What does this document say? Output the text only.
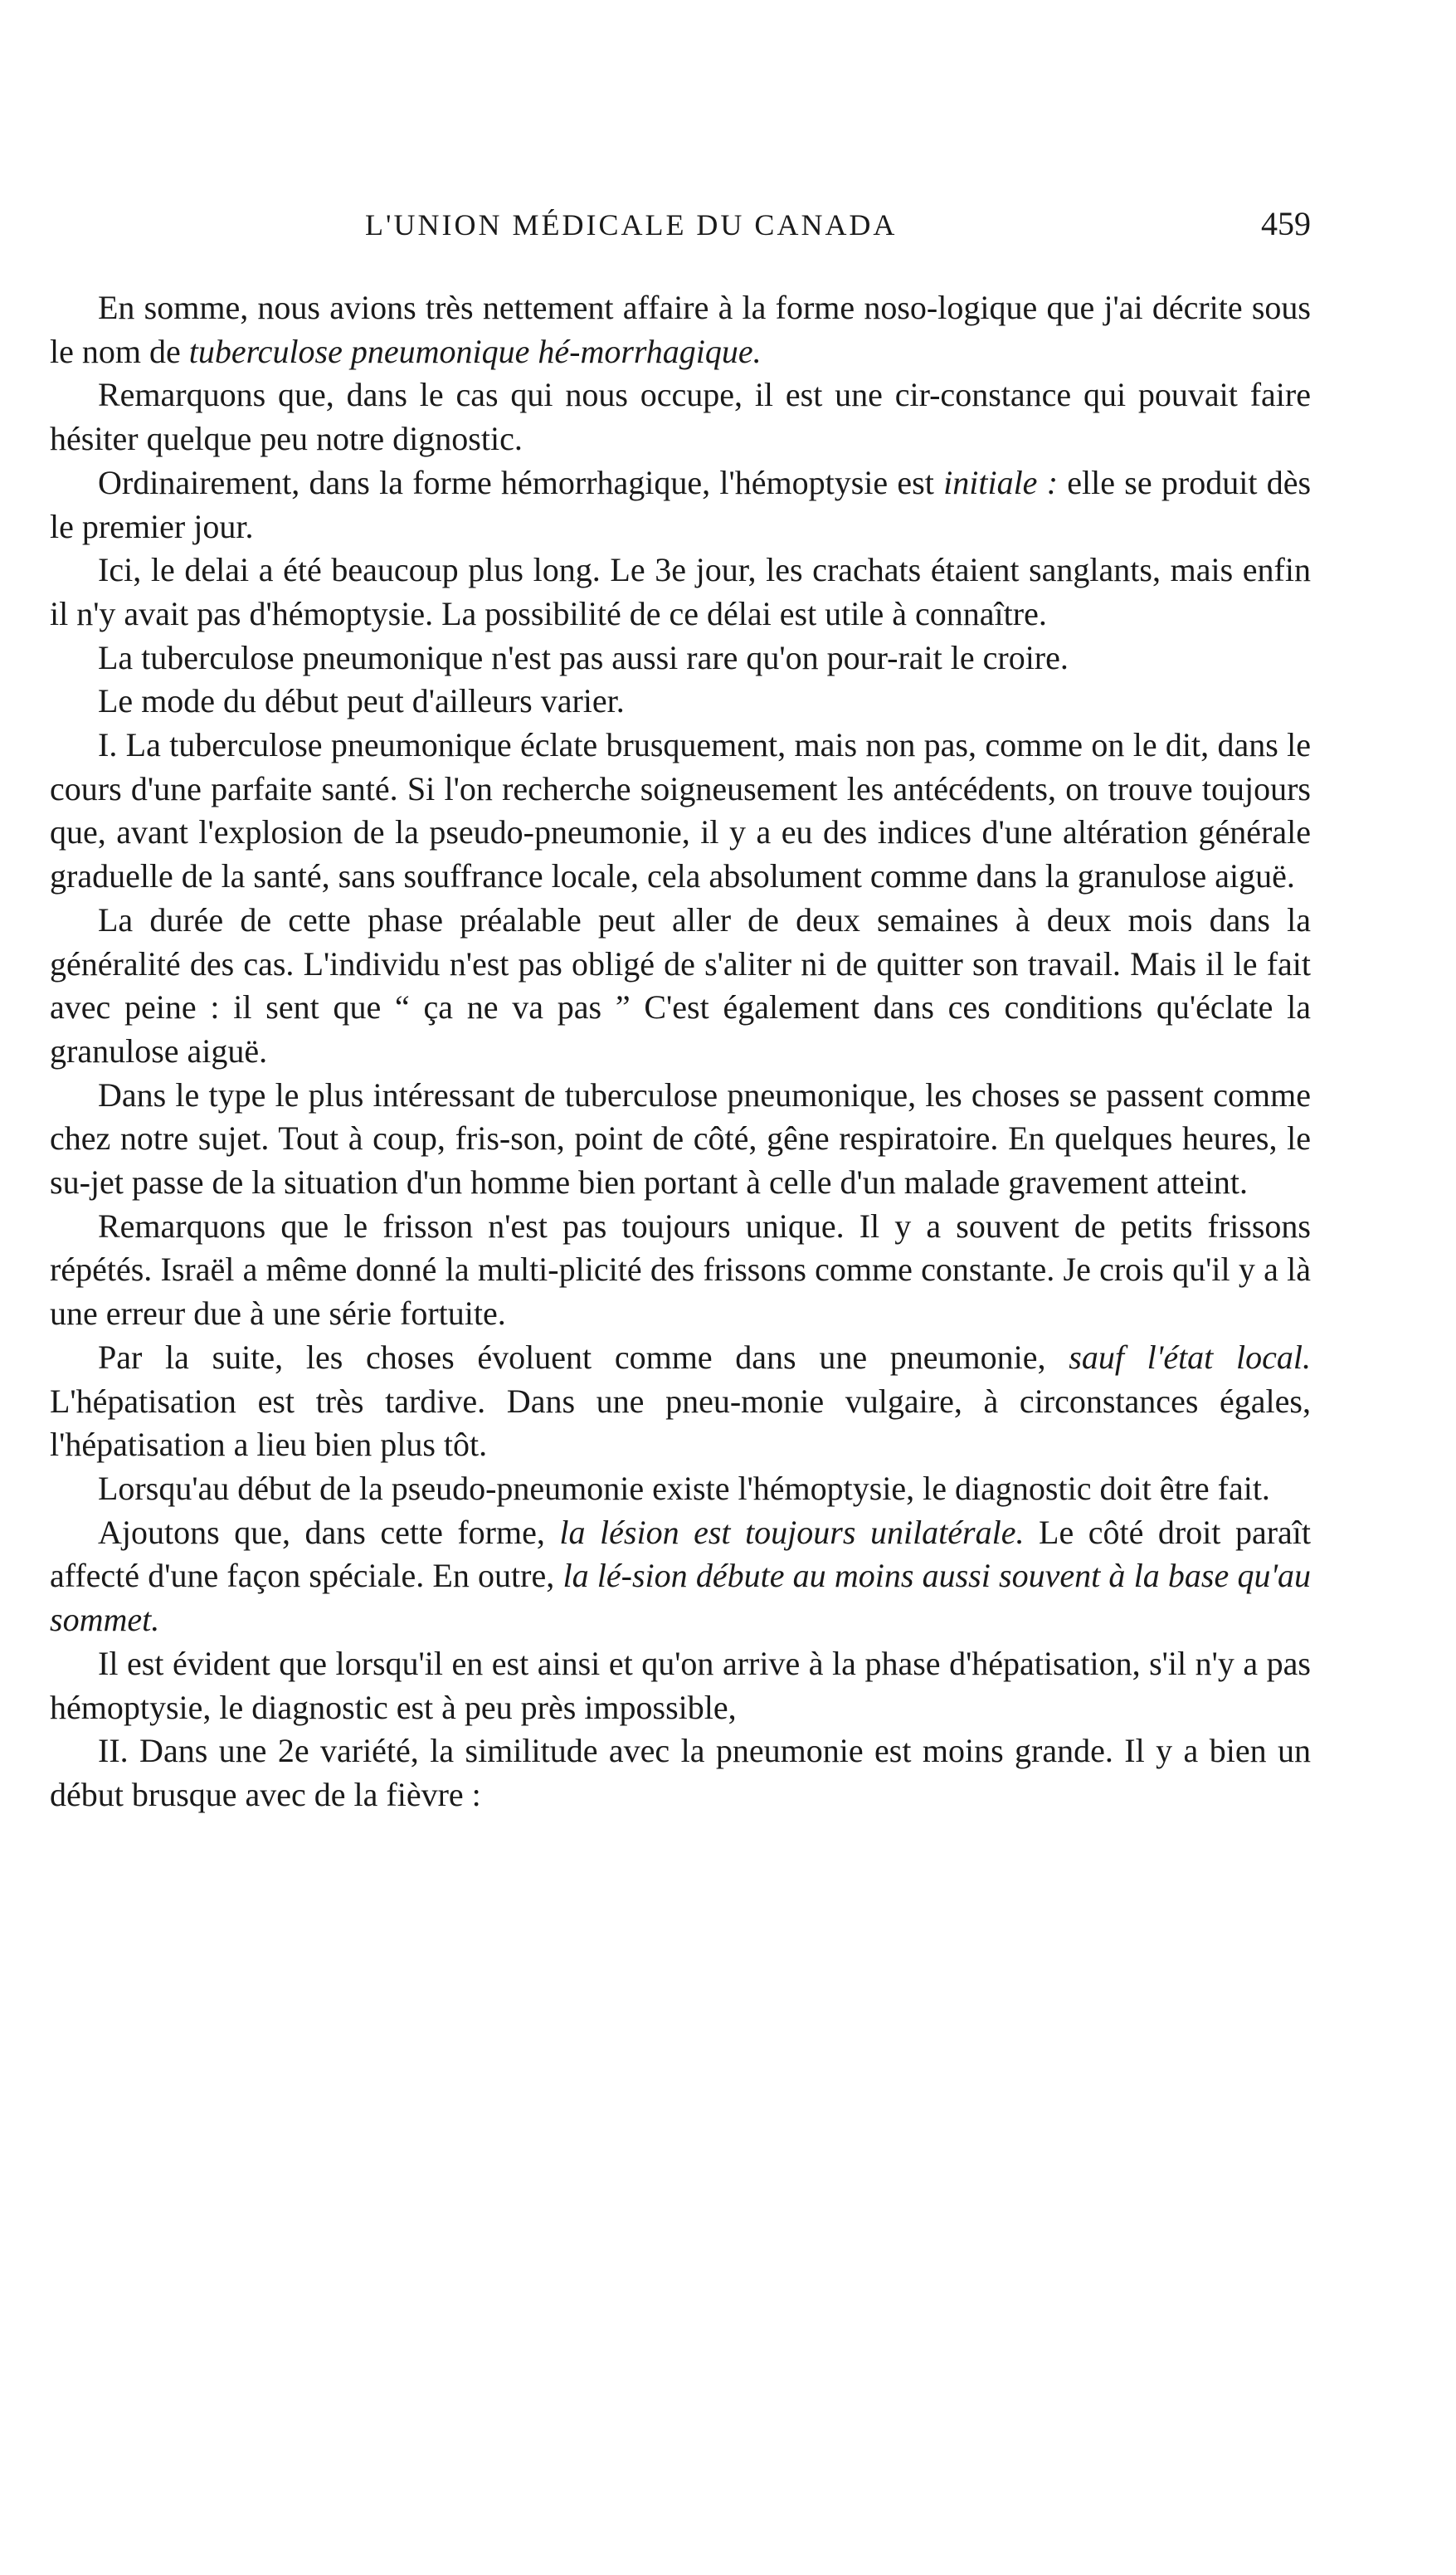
L'UNION MÉDICALE DU CANADA	459

En somme, nous avions très nettement affaire à la forme noso-logique que j'ai décrite sous le nom de tuberculose pneumonique hé-morrhagique.

Remarquons que, dans le cas qui nous occupe, il est une cir-constance qui pouvait faire hésiter quelque peu notre dignostic.

Ordinairement, dans la forme hémorrhagique, l'hémoptysie est initiale : elle se produit dès le premier jour.

Ici, le delai a été beaucoup plus long. Le 3e jour, les crachats étaient sanglants, mais enfin il n'y avait pas d'hémoptysie. La possibilité de ce délai est utile à connaître.

La tuberculose pneumonique n'est pas aussi rare qu'on pour-rait le croire.

Le mode du début peut d'ailleurs varier.

I. La tuberculose pneumonique éclate brusquement, mais non pas, comme on le dit, dans le cours d'une parfaite santé. Si l'on recherche soigneusement les antécédents, on trouve toujours que, avant l'explosion de la pseudo-pneumonie, il y a eu des indices d'une altération générale graduelle de la santé, sans souffrance locale, cela absolument comme dans la granulose aiguë.

La durée de cette phase préalable peut aller de deux semaines à deux mois dans la généralité des cas. L'individu n'est pas obligé de s'aliter ni de quitter son travail. Mais il le fait avec peine : il sent que “ ça ne va pas ” C'est également dans ces conditions qu'éclate la granulose aiguë.

Dans le type le plus intéressant de tuberculose pneumonique, les choses se passent comme chez notre sujet. Tout à coup, fris-son, point de côté, gêne respiratoire. En quelques heures, le su-jet passe de la situation d'un homme bien portant à celle d'un malade gravement atteint.

Remarquons que le frisson n'est pas toujours unique. Il y a souvent de petits frissons répétés. Israël a même donné la multi-plicité des frissons comme constante. Je crois qu'il y a là une erreur due à une série fortuite.

Par la suite, les choses évoluent comme dans une pneumonie, sauf l'état local. L'hépatisation est très tardive. Dans une pneu-monie vulgaire, à circonstances égales, l'hépatisation a lieu bien plus tôt.

Lorsqu'au début de la pseudo-pneumonie existe l'hémoptysie, le diagnostic doit être fait.

Ajoutons que, dans cette forme, la lésion est toujours unilatérale. Le côté droit paraît affecté d'une façon spéciale. En outre, la lé-sion débute au moins aussi souvent à la base qu'au sommet.

Il est évident que lorsqu'il en est ainsi et qu'on arrive à la phase d'hépatisation, s'il n'y a pas hémoptysie, le diagnostic est à peu près impossible,

II. Dans une 2e variété, la similitude avec la pneumonie est moins grande. Il y a bien un début brusque avec de la fièvre :
